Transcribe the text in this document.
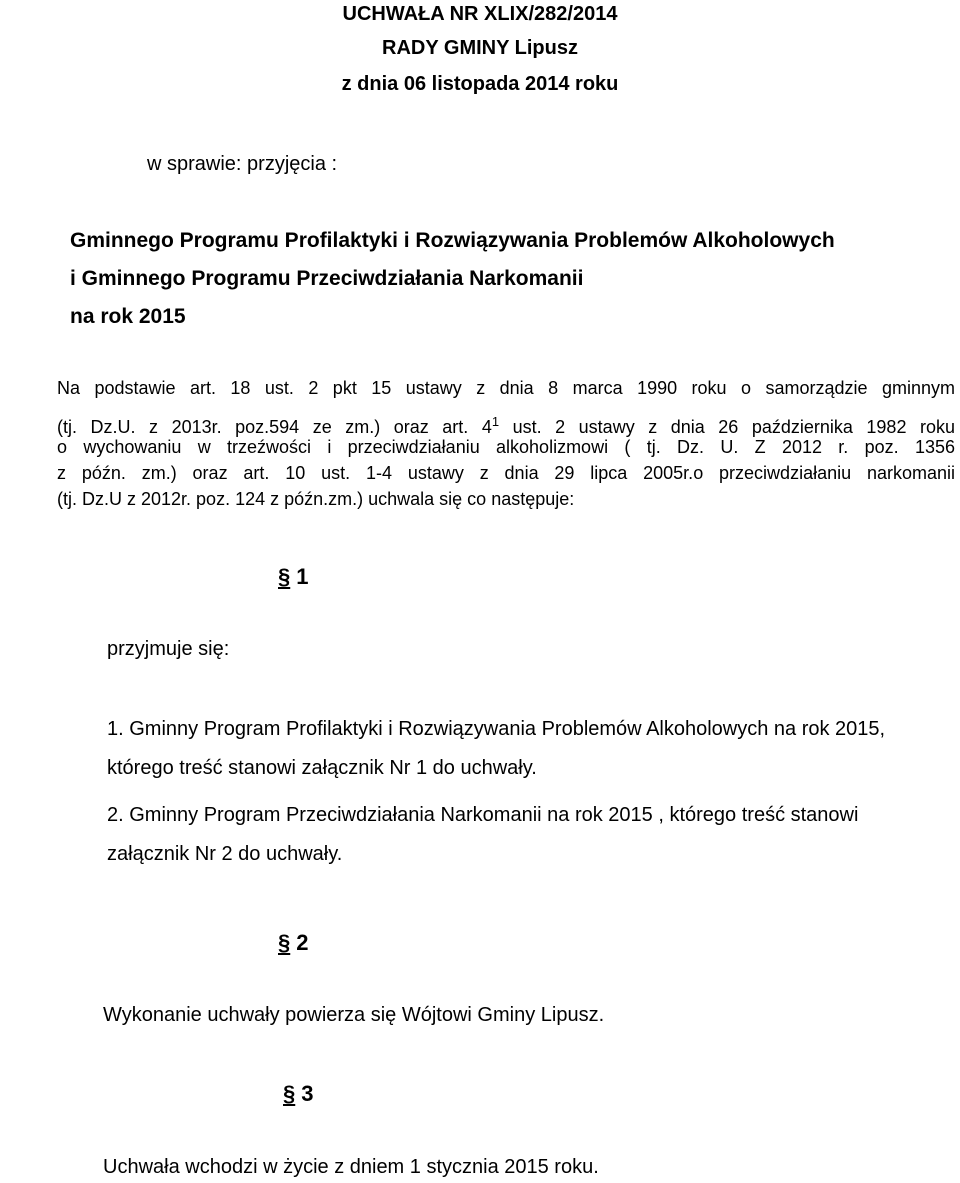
UCHWAŁA NR XLIX/282/2014
RADY GMINY Lipusz
z dnia 06 listopada 2014 roku
w sprawie: przyjęcia :
Gminnego Programu Profilaktyki i Rozwiązywania Problemów Alkoholowych
i Gminnego Programu Przeciwdziałania Narkomanii
na rok 2015
Na podstawie art. 18 ust. 2 pkt 15 ustawy z dnia 8 marca 1990 roku o samorządzie gminnym
(tj. Dz.U. z 2013r. poz.594 ze zm.) oraz art. $4^1$ ust. 2 ustawy z dnia 26 października 1982 roku
o wychowaniu w trzeźwości i przeciwdziałaniu alkoholizmowi ( tj. Dz. U. Z 2012 r. poz. 1356
z późn. zm.) oraz art. 10 ust. 1-4 ustawy z dnia 29 lipca 2005r.o przeciwdziałaniu narkomanii
(tj. Dz.U z 2012r. poz. 124 z późn.zm.) uchwala się co następuje:
§ 1
przyjmuje się:
1. Gminny Program Profilaktyki i Rozwiązywania Problemów Alkoholowych na rok 2015,
którego treść stanowi załącznik Nr 1 do uchwały.
2. Gminny Program Przeciwdziałania Narkomanii na rok 2015 , którego treść stanowi
załącznik Nr 2 do uchwały.
§ 2
Wykonanie uchwały powierza się Wójtowi Gminy Lipusz.
§ 3
Uchwała wchodzi w życie z dniem 1 stycznia 2015 roku.
